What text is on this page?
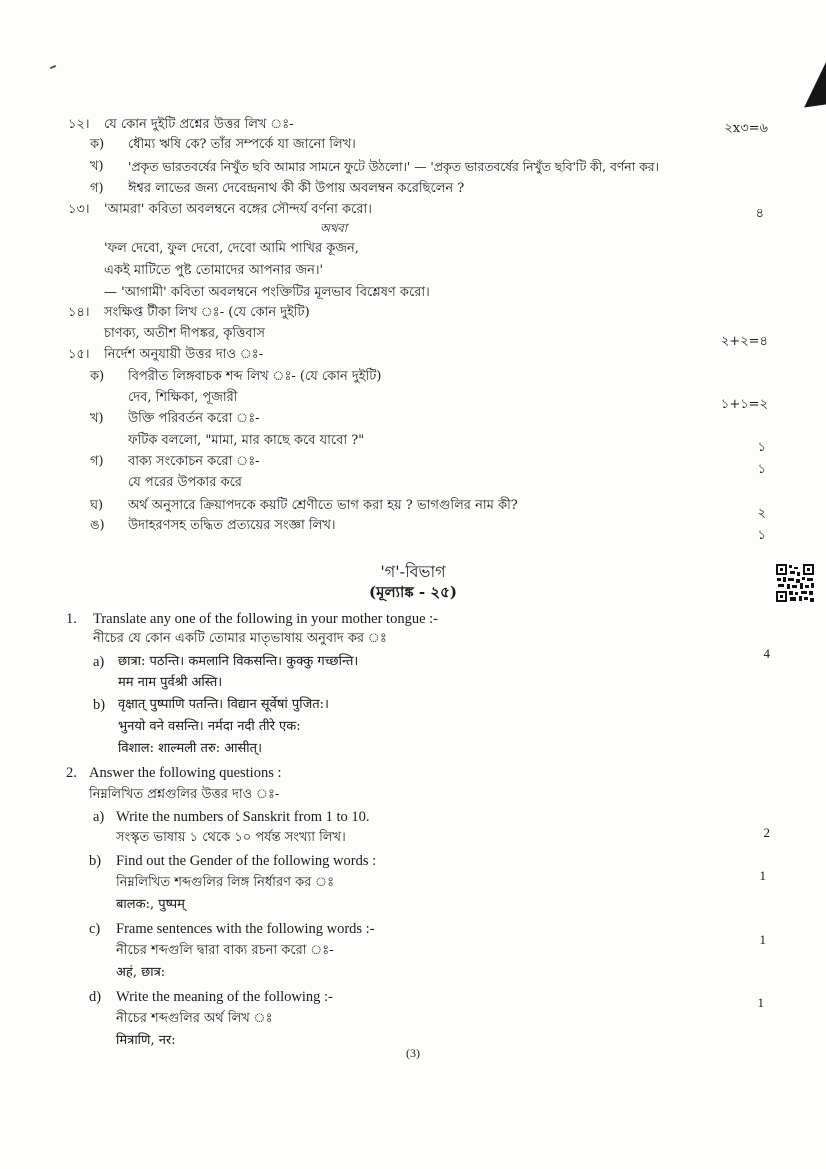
১২। যে কোন দুইটি প্রশ্নের উত্তর লিখ ঃ-	২x৩=৬
ক) ধৌম্য ঋষি কে? তাঁর সম্পর্কে যা জানো লিখ।
খ) 'প্রকৃত ভারতবর্ষের নিখুঁত ছবি আমার সামনে ফুটে উঠলো।' — 'প্রকৃত ভারতবর্ষের নিখুঁত ছবি'টি কী, বর্ণনা কর।
গ) ঈশ্বর লাভের জন্য দেবেন্দ্রনাথ কী কী উপায় অবলম্বন করেছিলেন ?
১৩। 'আমরা' কবিতা অবলম্বনে বঙ্গের সৌন্দর্য বর্ণনা করো।	৪
অথবা
'ফল দেবো, ফুল দেবো, দেবো আমি পাখির কূজন,
একই মাটিতে পুষ্ট তোমাদের আপনার জন।'
— 'আগামী' কবিতা অবলম্বনে পংক্তিটির মূলভাব বিশ্লেষণ করো।
১৪। সংক্ষিপ্ত টীকা লিখ ঃ- (যে কোন দুইটি)
চাণক্য, অতীশ দীপঙ্কর, কৃত্তিবাস
২+২=৪
১৫। নির্দেশ অনুযায়ী উত্তর দাও ঃ-
ক) বিপরীত লিঙ্গবাচক শব্দ লিখ ঃ- (যে কোন দুইটি)
দেব, শিক্ষিকা, পূজারী	১+১=২
খ) উক্তি পরিবর্তন করো ঃ-
ফটিক বললো, "মামা, মার কাছে কবে যাবো ?"	১
গ) বাক্য সংকোচন করো ঃ-
যে পরের উপকার করে
১
ঘ) অর্থ অনুসারে ক্রিয়াপদকে কয়টি শ্রেণীতে ভাগ করা হয় ? ভাগগুলির নাম কী?
২
ঙ) উদাহরণসহ তদ্ধিত প্রত্যয়ের সংজ্ঞা লিখ।
১
'গ'-বিভাগ
(মূল্যাঙ্ক - ২৫)
1. Translate any one of the following in your mother tongue :-
নীচের যে কোন একটি তোমার মাতৃভাষায় অনুবাদ কর ঃ
4
a) छात्रा: पठन्ति। कमलानि विकसन्ति। कुक्कु गच्छन्ति।
मम नाम पुर्वश्री अस्ति।
b) वृक्षात् पुष्पाणि पतन्ति। विद्यान सूर्वेषां पुजित:।
भुनयो वने वसन्ति। नर्मदा नदी तीरे एक:
विशाल: शाल्मली तरु: आसीत्।
2. Answer the following questions :
নিম্নলিখিত প্রশ্নগুলির উত্তর দাও ঃ-
a) Write the numbers of Sanskrit from 1 to 10.
সংস্কৃত ভাষায় ১ থেকে ১০ পর্যন্ত সংখ্যা লিখ।	2
b) Find out the Gender of the following words :
নিম্নলিখিত শব্দগুলির লিঙ্গ নির্ধারণ কর ঃ
बालक:, पुष्पम्
1
c) Frame sentences with the following words :-
নীচের শব্দগুলি দ্বারা বাক্য রচনা করো ঃ-
अहं, छात्र:
1
d) Write the meaning of the following :-
নীচের শব্দগুলির অর্থ লিখ ঃ
मित्राणि, नर:
1
(3)
